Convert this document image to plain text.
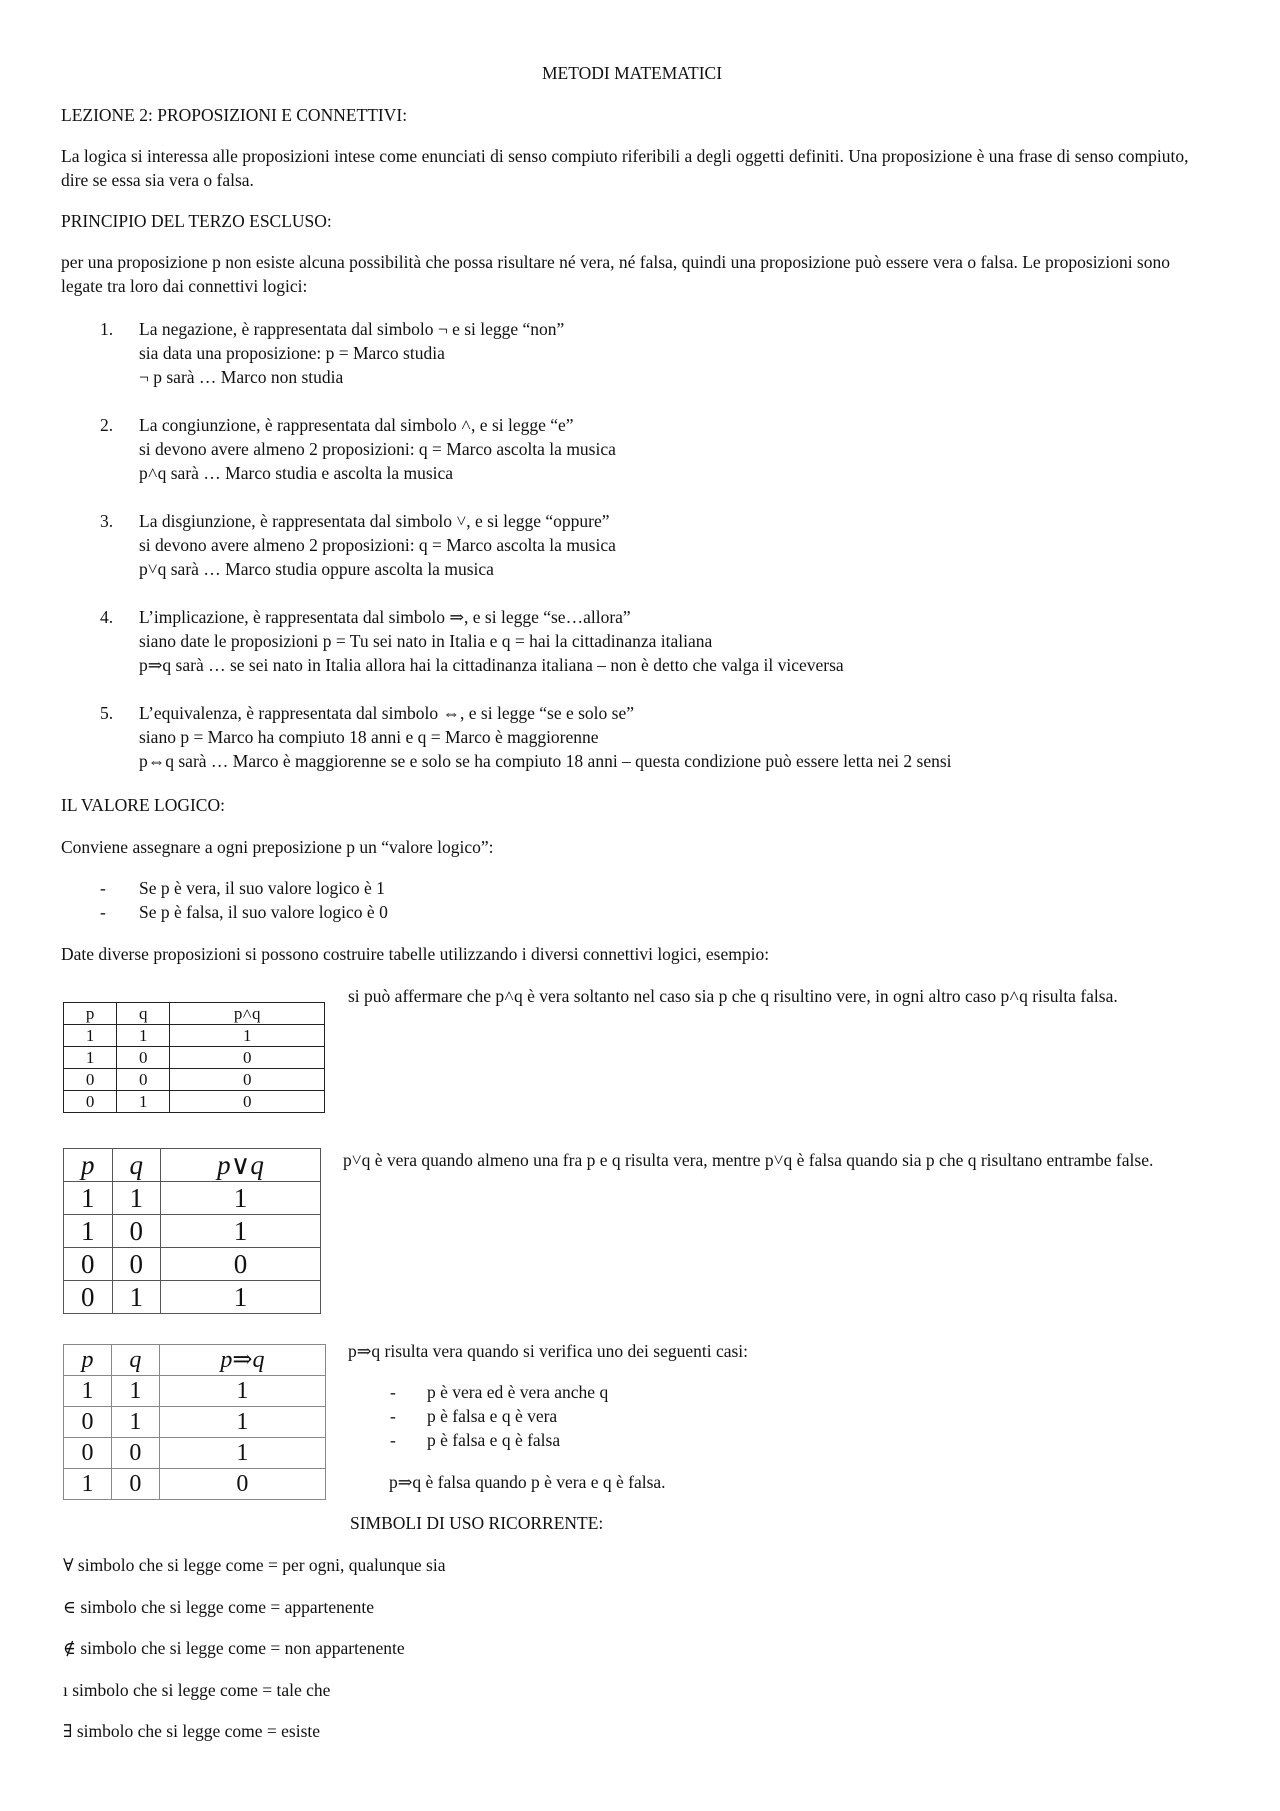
METODI MATEMATICI
LEZIONE 2: PROPOSIZIONI E CONNETTIVI:
La logica si interessa alle proposizioni intese come enunciati di senso compiuto riferibili a degli oggetti definiti. Una proposizione è una frase di senso compiuto, dire se essa sia vera o falsa.
PRINCIPIO DEL TERZO ESCLUSO:
per una proposizione p non esiste alcuna possibilità che possa risultare né vera, né falsa, quindi una proposizione può essere vera o falsa. Le proposizioni sono legate tra loro dai connettivi logici:
1. La negazione, è rappresentata dal simbolo ¬ e si legge “non”
sia data una proposizione: p = Marco studia
¬ p sarà … Marco non studia
2. La congiunzione, è rappresentata dal simbolo ˄, e si legge “e”
si devono avere almeno 2 proposizioni: q = Marco ascolta la musica
p˄q sarà … Marco studia e ascolta la musica
3. La disgiunzione, è rappresentata dal simbolo ˅, e si legge “oppure”
si devono avere almeno 2 proposizioni: q = Marco ascolta la musica
p˅q sarà … Marco studia oppure ascolta la musica
4. L’implicazione, è rappresentata dal simbolo ⇒, e si legge “se…allora”
siano date le proposizioni p = Tu sei nato in Italia e q = hai la cittadinanza italiana
p⇒q sarà … se sei nato in Italia allora hai la cittadinanza italiana – non è detto che valga il viceversa
5. L’equivalenza, è rappresentata dal simbolo ⇔, e si legge “se e solo se”
siano p = Marco ha compiuto 18 anni e q = Marco è maggiorenne
p⇔q sarà … Marco è maggiorenne se e solo se ha compiuto 18 anni – questa condizione può essere letta nei 2 sensi
IL VALORE LOGICO:
Conviene assegnare a ogni preposizione p un “valore logico”:
- Se p è vera, il suo valore logico è 1
- Se p è falsa, il suo valore logico è 0
Date diverse proposizioni si possono costruire tabelle utilizzando i diversi connettivi logici, esempio:
p	q	p˄q
1	1	1
1	0	0
0	0	0
0	1	0
si può affermare che p˄q è vera soltanto nel caso sia p che q risultino vere, in ogni altro caso p˄q risulta falsa.
p	q	p∨q
1	1	1
1	0	1
0	0	0
0	1	1
p˅q è vera quando almeno una fra p e q risulta vera, mentre p˅q è falsa quando sia p che q risultano entrambe false.
p	q	p⇒q
1	1	1
0	1	1
0	0	1
1	0	0
p⇒q risulta vera quando si verifica uno dei seguenti casi:
- p è vera ed è vera anche q
- p è falsa e q è vera
- p è falsa e q è falsa
p⇒q è falsa quando p è vera e q è falsa.
SIMBOLI DI USO RICORRENTE:
∀ simbolo che si legge come = per ogni, qualunque sia
∈ simbolo che si legge come = appartenente
∉ simbolo che si legge come = non appartenente
ı simbolo che si legge come = tale che
∃ simbolo che si legge come = esiste
